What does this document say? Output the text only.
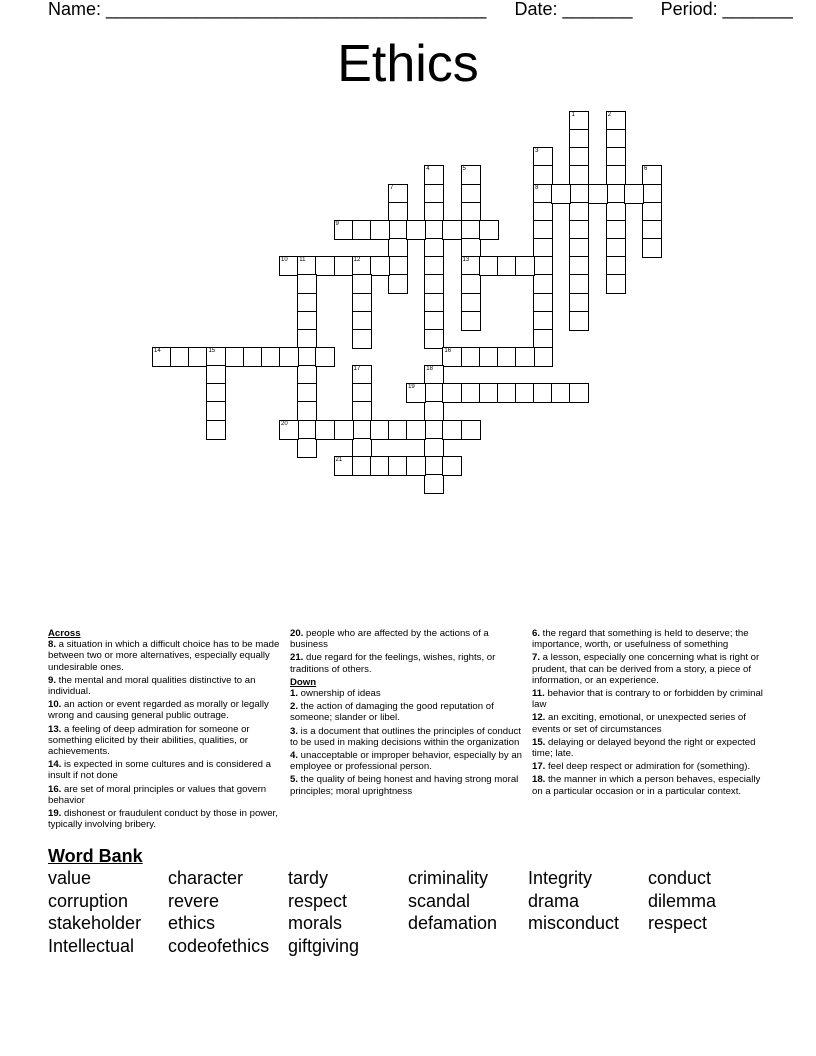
Name: ______________________________________ Date: _______ Period: _______
Ethics
1	2
3
8
4	5
13
6
7
9
10 11	12
14	15	16
17	18
19
20
21

Across

8. a situation in which a difficult choice has to be made between two or more alternatives, especially equally undesirable ones.

9. the mental and moral qualities distinctive to an individual.

10. an action or event regarded as morally or legally wrong and causing general public outrage.

13. a feeling of deep admiration for someone or something elicited by their abilities, qualities, or achievements.

14. is expected in some cultures and is considered a insult if not done

16. are set of moral principles or values that govern behavior

19. dishonest or fraudulent conduct by those in power, typically involving bribery.

20. people who are affected by the actions of a business

21. due regard for the feelings, wishes, rights, or traditions of others.

Down

1. ownership of ideas

2. the action of damaging the good reputation of someone; slander or libel.

3. is a document that outlines the principles of conduct to be used in making decisions within the organization

4. unacceptable or improper behavior, especially by an employee or professional person.

5. the quality of being honest and having strong moral principles; moral uprightness

6. the regard that something is held to deserve; the importance, worth, or usefulness of something

7. a lesson, especially one concerning what is right or prudent, that can be derived from a story, a piece of information, or an experience.

11. behavior that is contrary to or forbidden by criminal law

12. an exciting, emotional, or unexpected series of events or set of circumstances

15. delaying or delayed beyond the right or expected time; late.

17. feel deep respect or admiration for (something).

18. the manner in which a person behaves, especially on a particular occasion or in a particular context.

Word Bank
value	character	tardy	criminality	Integrity	conduct
corruption	revere	respect	scandal	drama	dilemma
stakeholder	ethics	morals	defamation	misconduct	respect
Intellectual	codeofethics	giftgiving
